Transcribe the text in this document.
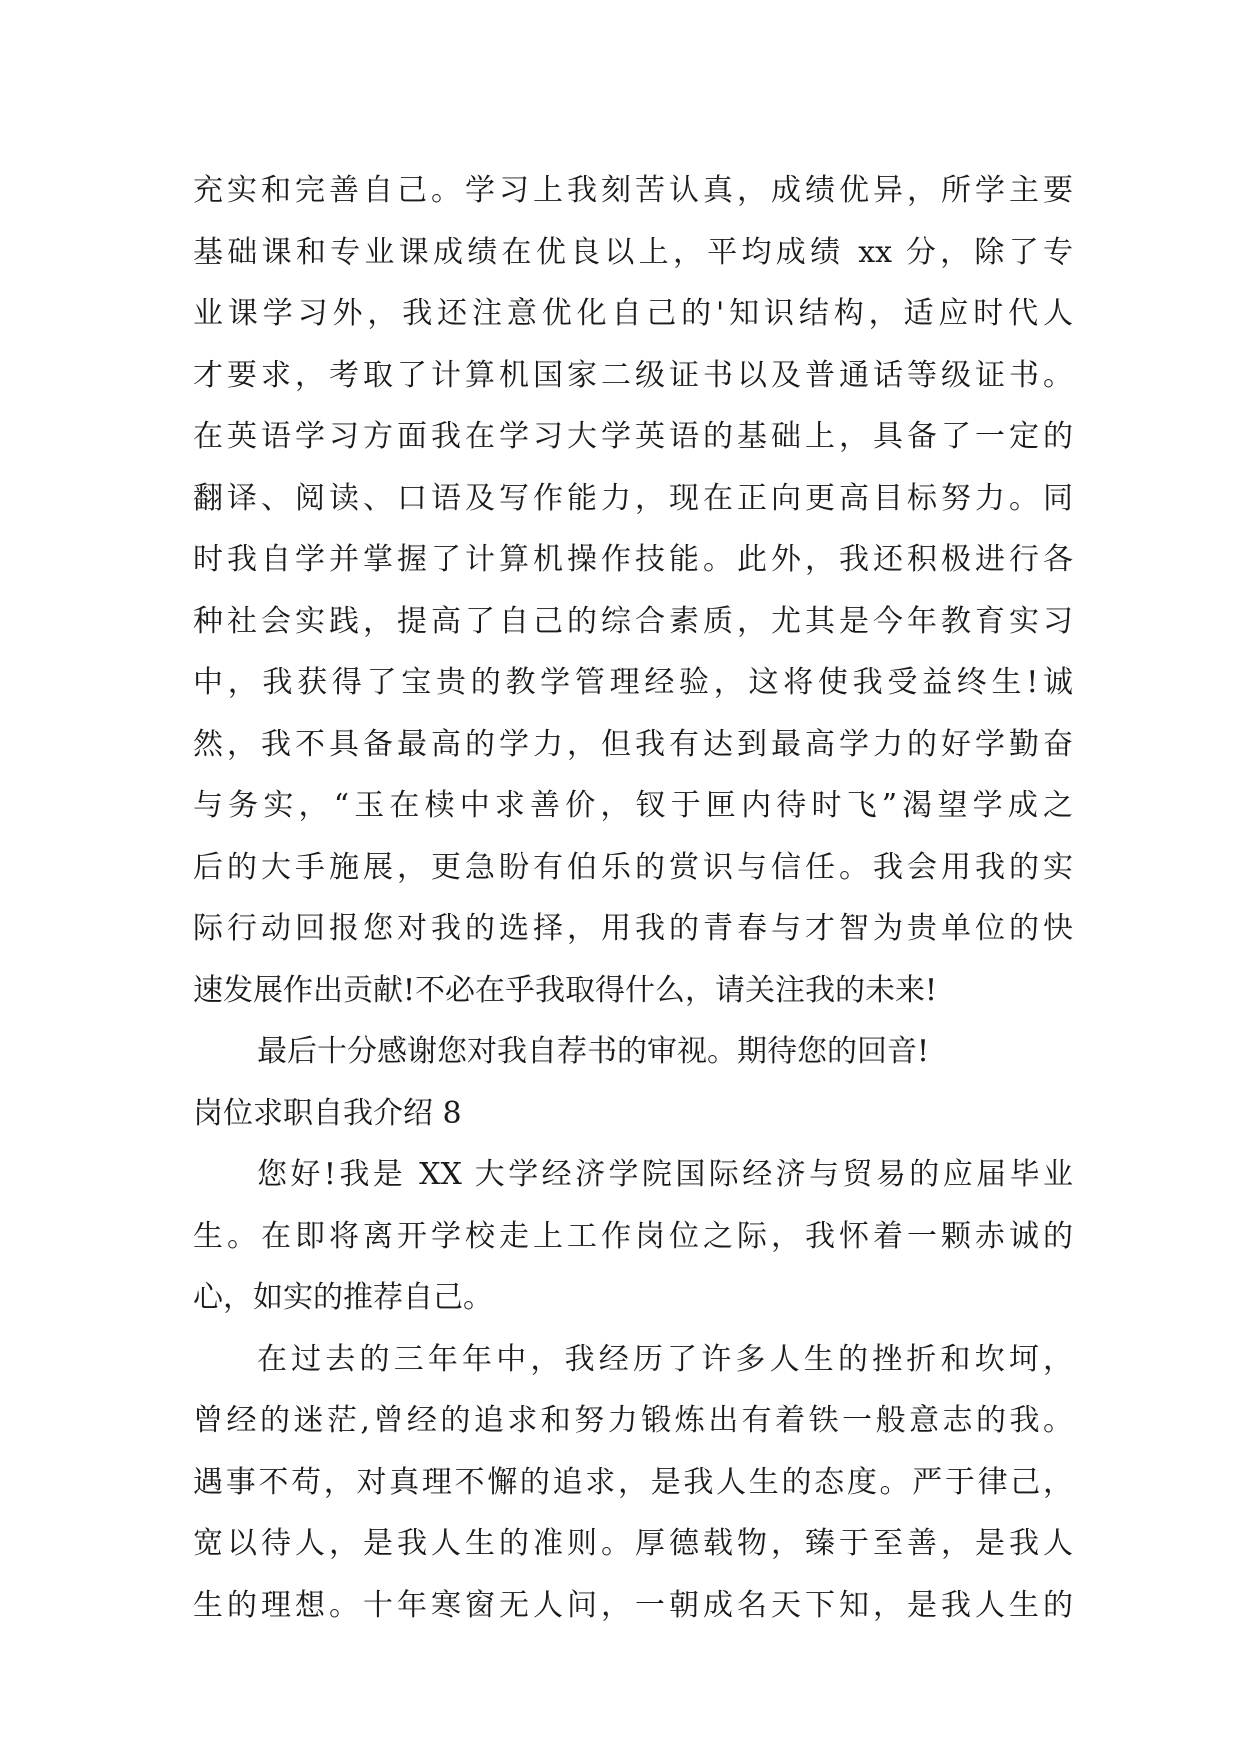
充实和完善自己。学习上我刻苦认真，成绩优异，所学主要
基础课和专业课成绩在优良以上，平均成绩 xx 分，除了专
业课学习外，我还注意优化自己的'知识结构，适应时代人
才要求，考取了计算机国家二级证书以及普通话等级证书。
在英语学习方面我在学习大学英语的基础上，具备了一定的
翻译、阅读、口语及写作能力，现在正向更高目标努力。同
时我自学并掌握了计算机操作技能。此外，我还积极进行各
种社会实践，提高了自己的综合素质，尤其是今年教育实习
中，我获得了宝贵的教学管理经验，这将使我受益终生!诚
然，我不具备最高的学力，但我有达到最高学力的好学勤奋
与务实，“玉在椟中求善价，钗于匣内待时飞”渴望学成之
后的大手施展，更急盼有伯乐的赏识与信任。我会用我的实
际行动回报您对我的选择，用我的青春与才智为贵单位的快
速发展作出贡献!不必在乎我取得什么，请关注我的未来!
最后十分感谢您对我自荐书的审视。期待您的回音!
岗位求职自我介绍 8
您好!我是 XX 大学经济学院国际经济与贸易的应届毕业
生。在即将离开学校走上工作岗位之际，我怀着一颗赤诚的
心，如实的推荐自己。
在过去的三年年中，我经历了许多人生的挫折和坎坷，
曾经的迷茫,曾经的追求和努力锻炼出有着铁一般意志的我。
遇事不苟，对真理不懈的追求，是我人生的态度。严于律己，
宽以待人，是我人生的准则。厚德载物，臻于至善，是我人
生的理想。十年寒窗无人问，一朝成名天下知，是我人生的
